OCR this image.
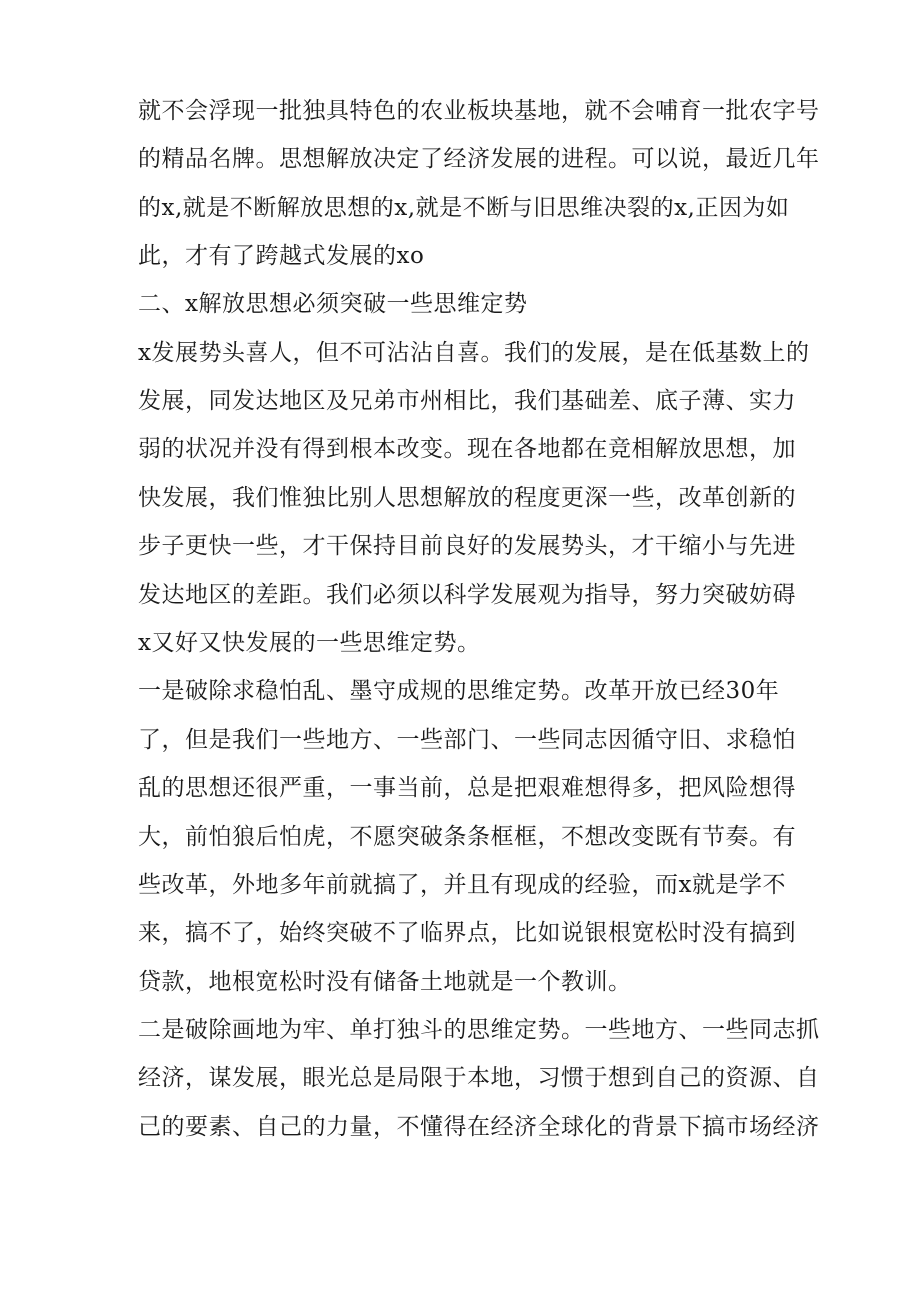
就不会浮现一批独具特色的农业板块基地，就不会哺育一批农字号
的精品名牌。思想解放决定了经济发展的进程。可以说，最近几年
的x,就是不断解放思想的x,就是不断与旧思维决裂的x,正因为如
此，才有了跨越式发展的xo
二、x解放思想必须突破一些思维定势
x发展势头喜人，但不可沾沾自喜。我们的发展，是在低基数上的
发展，同发达地区及兄弟市州相比，我们基础差、底子薄、实力
弱的状况并没有得到根本改变。现在各地都在竞相解放思想，加
快发展，我们惟独比别人思想解放的程度更深一些，改革创新的
步子更快一些，才干保持目前良好的发展势头，才干缩小与先进
发达地区的差距。我们必须以科学发展观为指导，努力突破妨碍
x又好又快发展的一些思维定势。
一是破除求稳怕乱、墨守成规的思维定势。改革开放已经30年
了，但是我们一些地方、一些部门、一些同志因循守旧、求稳怕
乱的思想还很严重，一事当前，总是把艰难想得多，把风险想得
大，前怕狼后怕虎，不愿突破条条框框，不想改变既有节奏。有
些改革，外地多年前就搞了，并且有现成的经验，而x就是学不
来，搞不了，始终突破不了临界点，比如说银根宽松时没有搞到
贷款，地根宽松时没有储备土地就是一个教训。
二是破除画地为牢、单打独斗的思维定势。一些地方、一些同志抓
经济，谋发展，眼光总是局限于本地，习惯于想到自己的资源、自
己的要素、自己的力量，不懂得在经济全球化的背景下搞市场经济
